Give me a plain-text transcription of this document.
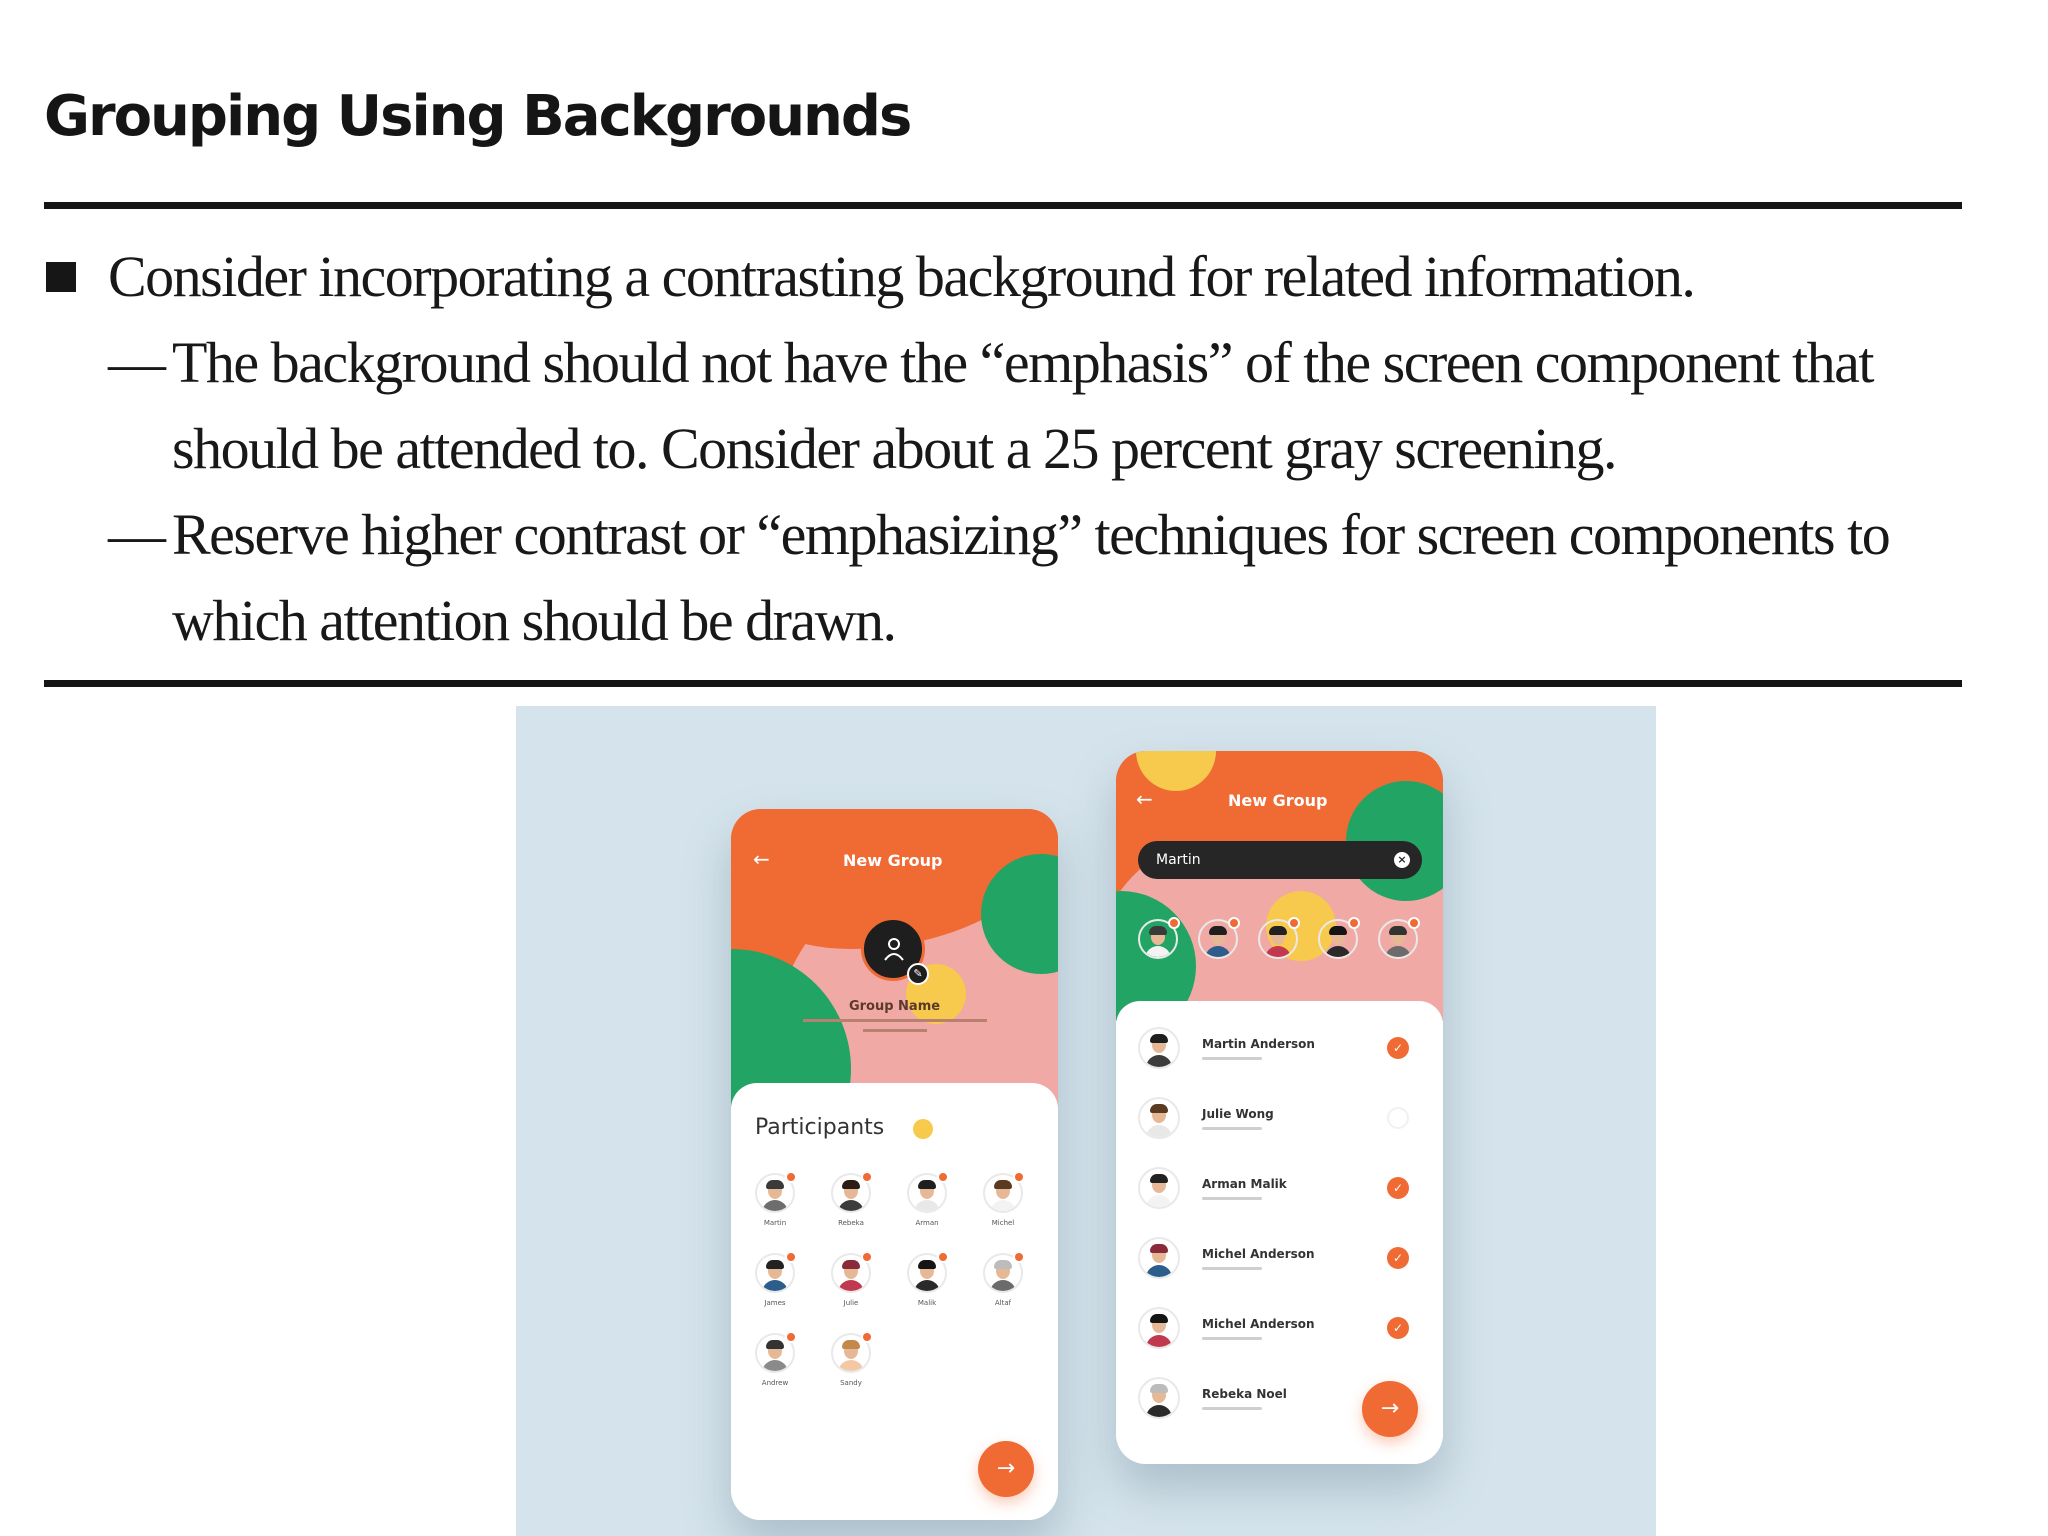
Grouping Using Backgrounds
Consider incorporating a contrasting background for related information.
— The background should not have the “emphasis” of the screen component that
should be attended to. Consider about a 25 percent gray screening.
— Reserve higher contrast or “emphasizing” techniques for screen components to
which attention should be drawn.
←	New Group
✎
Group Name
Participants
Martin	Rebeka	Arman	Michel
James	Julie	Malik	Altaf
Andrew	Sandy
→
←	New Group
Martin	×
Martin Anderson	✓
Julie Wong
Arman Malik	✓
Michel Anderson	✓
Michel Anderson	✓
Rebeka Noel
→
